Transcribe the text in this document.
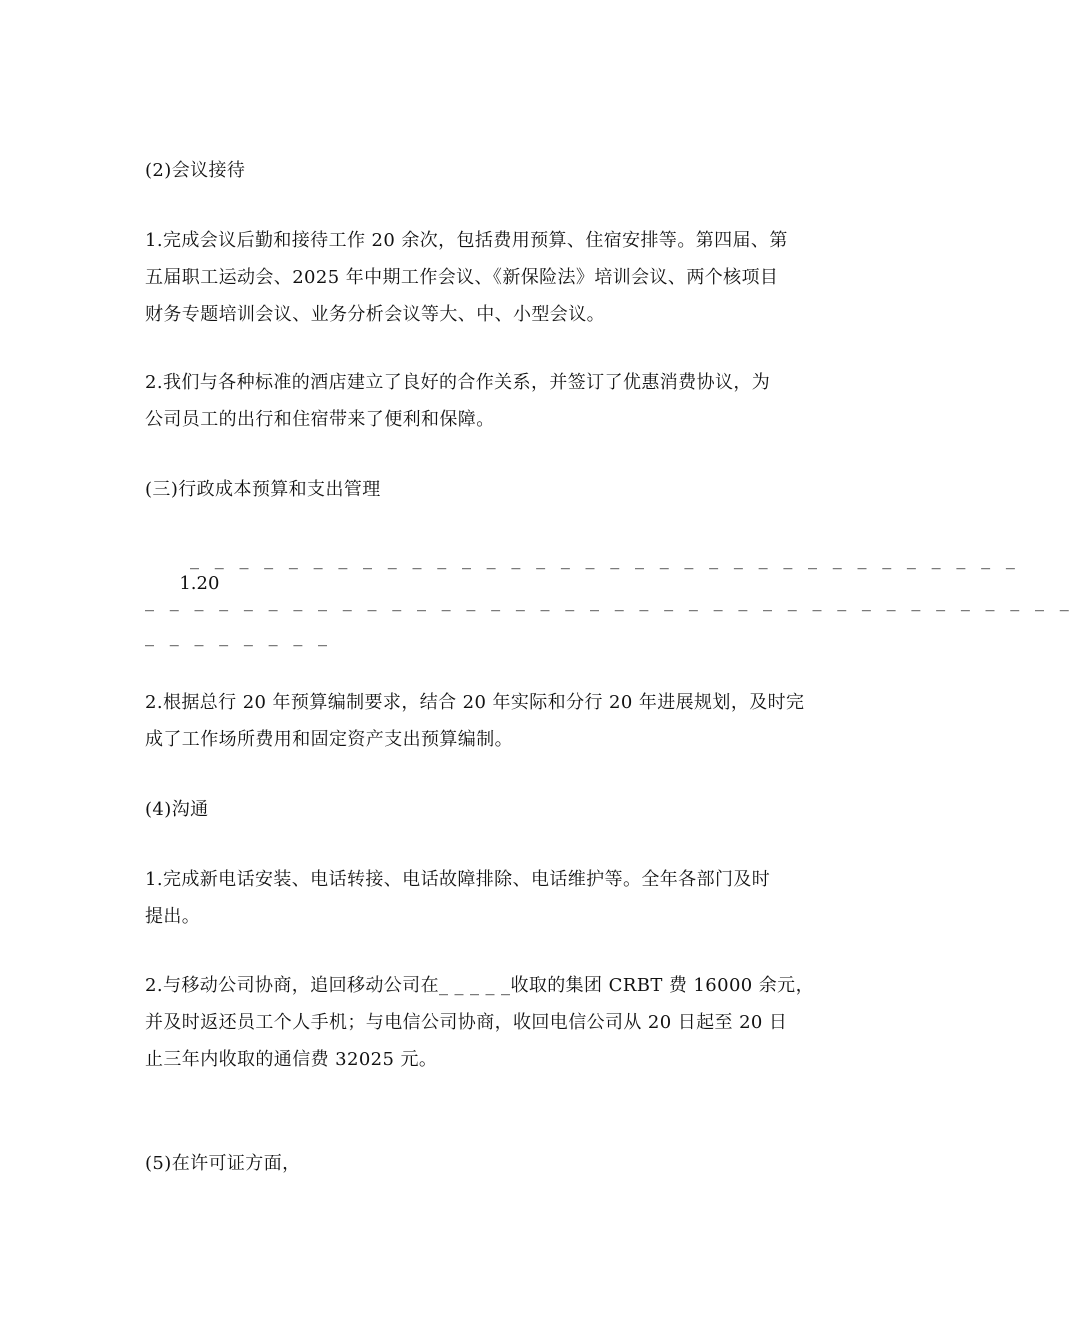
(2)会议接待
1.完成会议后勤和接待工作 20 余次，包括费用预算、住宿安排等。第四届、第
五届职工运动会、2025 年中期工作会议、《新保险法》培训会议、两个核项目
财务专题培训会议、业务分析会议等大、中、小型会议。
2.我们与各种标准的酒店建立了良好的合作关系，并签订了优惠消费协议，为
公司员工的出行和住宿带来了便利和保障。
(三)行政成本预算和支出管理

1.20

_ _ _ _ _ _ _ _ _ _ _ _ _ _ _ _ _ _ _ _ _ _ _ _ _ _ _ _ _ _ _ _ _ _

_ _ _ _ _ _ _ _ _ _ _ _ _ _ _ _ _ _ _ _ _ _ _ _ _ _ _ _ _ _ _ _ _ _ _ _ _ _

_ _ _ _ _ _ _ _

2.根据总行 20 年预算编制要求，结合 20 年实际和分行 20 年进展规划，及时完
成了工作场所费用和固定资产支出预算编制。
(4)沟通
1.完成新电话安装、电话转接、电话故障排除、电话维护等。全年各部门及时
提出。
2.与移动公司协商，追回移动公司在_ _ _ _ _收取的集团 CRBT 费 16000 余元，
并及时返还员工个人手机；与电信公司协商，收回电信公司从 20 日起至 20 日
止三年内收取的通信费 32025 元。
(5)在许可证方面，
